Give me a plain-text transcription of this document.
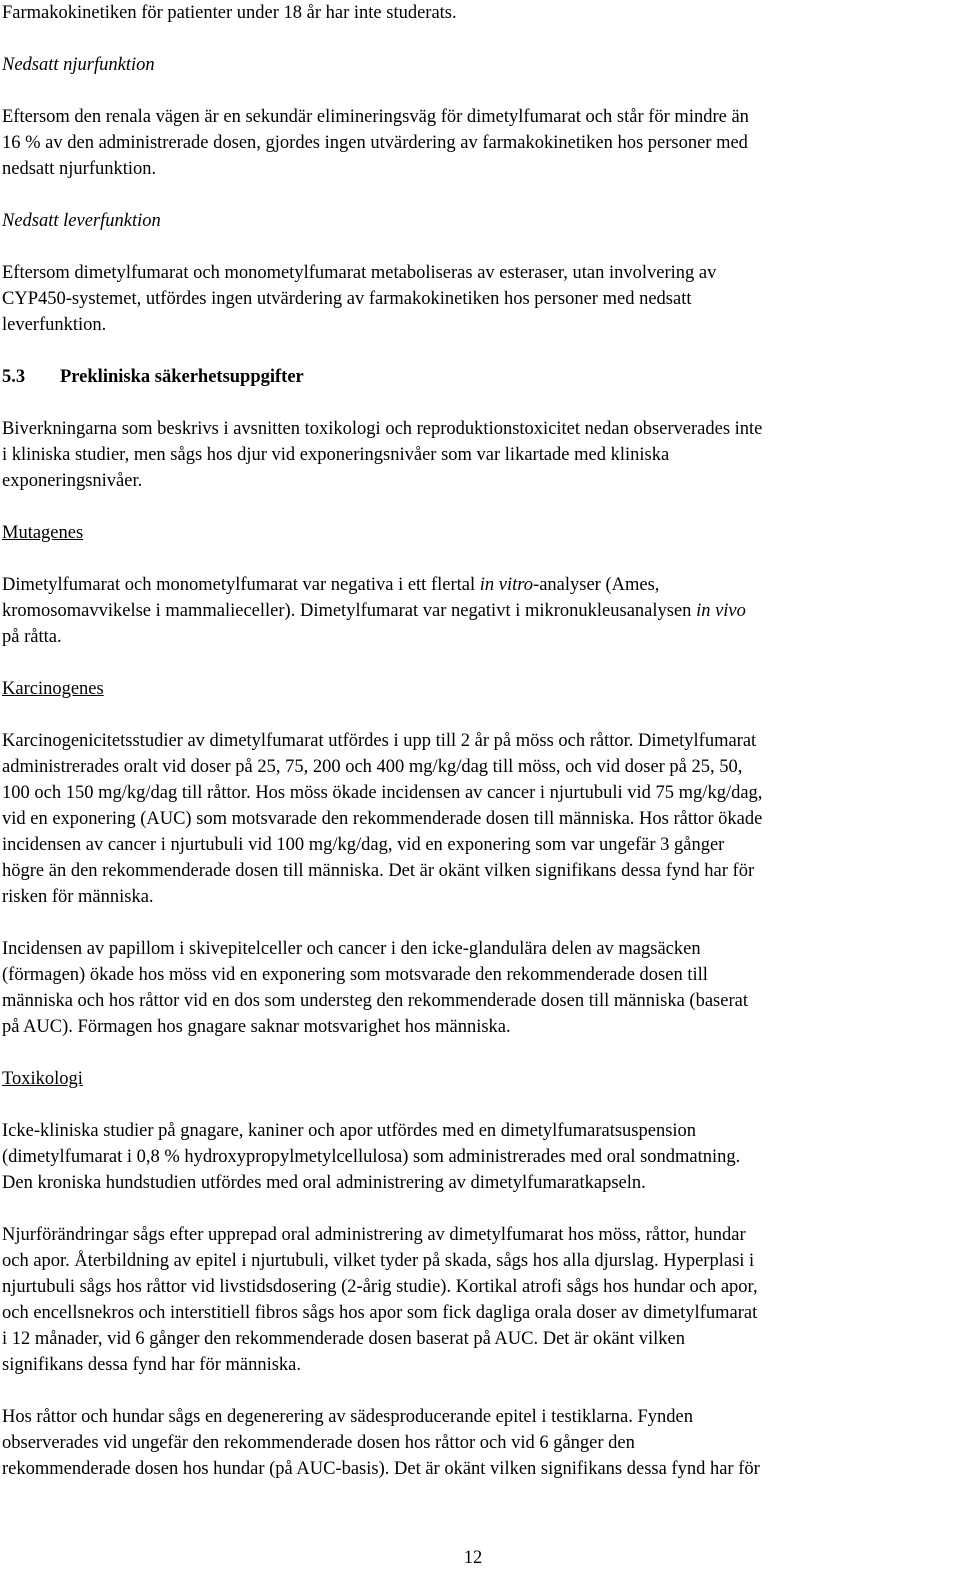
Farmakokinetiken för patienter under 18 år har inte studerats.

Nedsatt njurfunktion

Eftersom den renala vägen är en sekundär elimineringsväg för dimetylfumarat och står för mindre än
16 % av den administrerade dosen, gjordes ingen utvärdering av farmakokinetiken hos personer med
nedsatt njurfunktion.

Nedsatt leverfunktion

Eftersom dimetylfumarat och monometylfumarat metaboliseras av esteraser, utan involvering av
CYP450-systemet, utfördes ingen utvärdering av farmakokinetiken hos personer med nedsatt
leverfunktion.

5.3 Prekliniska säkerhetsuppgifter

Biverkningarna som beskrivs i avsnitten toxikologi och reproduktionstoxicitet nedan observerades inte
i kliniska studier, men sågs hos djur vid exponeringsnivåer som var likartade med kliniska
exponeringsnivåer.

Mutagenes

Dimetylfumarat och monometylfumarat var negativa i ett flertal in vitro-analyser (Ames,
kromosomavvikelse i mammalieceller). Dimetylfumarat var negativt i mikronukleusanalysen in vivo
på råtta.

Karcinogenes

Karcinogenicitetsstudier av dimetylfumarat utfördes i upp till 2 år på möss och råttor. Dimetylfumarat
administrerades oralt vid doser på 25, 75, 200 och 400 mg/kg/dag till möss, och vid doser på 25, 50,
100 och 150 mg/kg/dag till råttor. Hos möss ökade incidensen av cancer i njurtubuli vid 75 mg/kg/dag,
vid en exponering (AUC) som motsvarade den rekommenderade dosen till människa. Hos råttor ökade
incidensen av cancer i njurtubuli vid 100 mg/kg/dag, vid en exponering som var ungefär 3 gånger
högre än den rekommenderade dosen till människa. Det är okänt vilken signifikans dessa fynd har för
risken för människa.

Incidensen av papillom i skivepitelceller och cancer i den icke-glandulära delen av magsäcken
(förmagen) ökade hos möss vid en exponering som motsvarade den rekommenderade dosen till
människa och hos råttor vid en dos som understeg den rekommenderade dosen till människa (baserat
på AUC). Förmagen hos gnagare saknar motsvarighet hos människa.

Toxikologi

Icke-kliniska studier på gnagare, kaniner och apor utfördes med en dimetylfumaratsuspension
(dimetylfumarat i 0,8 % hydroxypropylmetylcellulosa) som administrerades med oral sondmatning.
Den kroniska hundstudien utfördes med oral administrering av dimetylfumaratkapseln.

Njurförändringar sågs efter upprepad oral administrering av dimetylfumarat hos möss, råttor, hundar
och apor. Återbildning av epitel i njurtubuli, vilket tyder på skada, sågs hos alla djurslag. Hyperplasi i
njurtubuli sågs hos råttor vid livstidsdosering (2-årig studie). Kortikal atrofi sågs hos hundar och apor,
och encellsnekros och interstitiell fibros sågs hos apor som fick dagliga orala doser av dimetylfumarat
i 12 månader, vid 6 gånger den rekommenderade dosen baserat på AUC. Det är okänt vilken
signifikans dessa fynd har för människa.

Hos råttor och hundar sågs en degenerering av sädesproducerande epitel i testiklarna. Fynden
observerades vid ungefär den rekommenderade dosen hos råttor och vid 6 gånger den
rekommenderade dosen hos hundar (på AUC-basis). Det är okänt vilken signifikans dessa fynd har för

12
